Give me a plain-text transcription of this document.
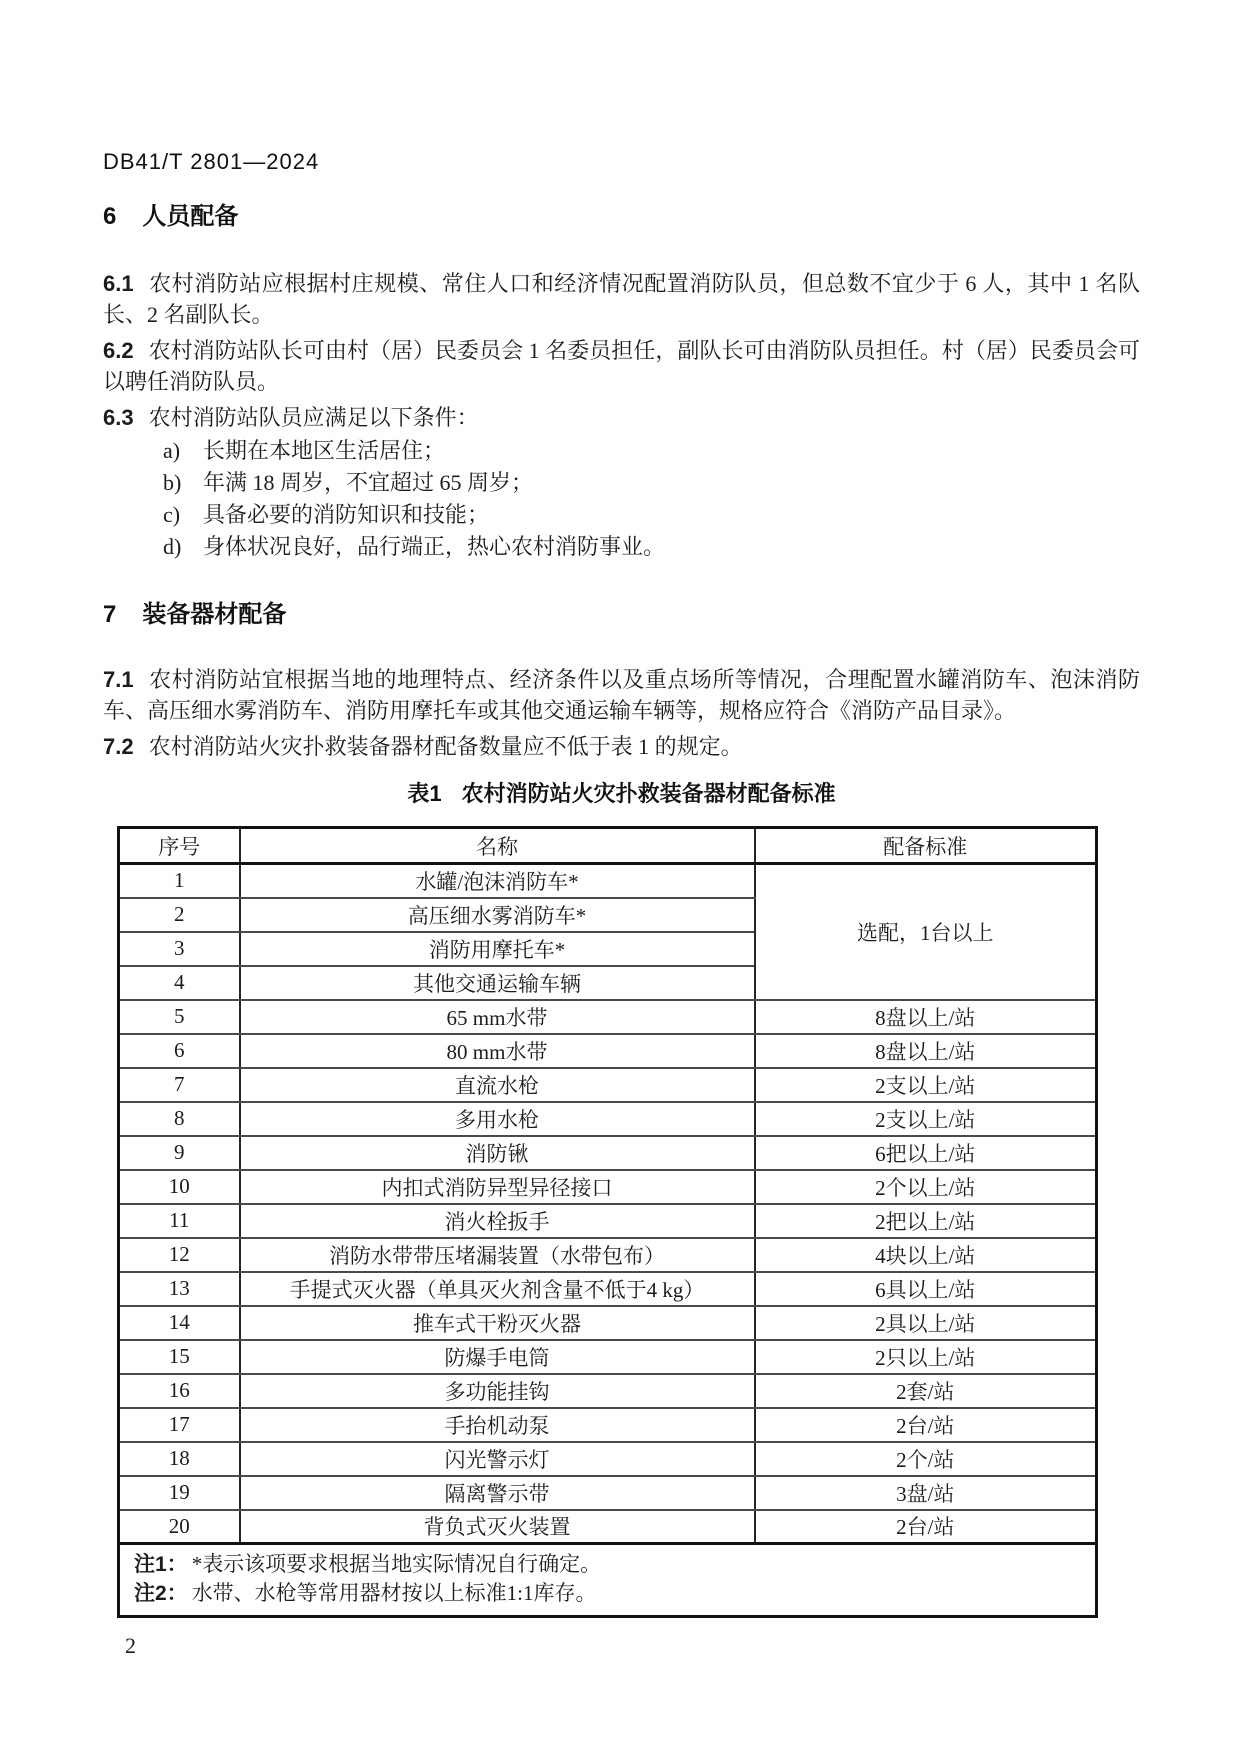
DB41/T 2801—2024
6 人员配备

6.1 农村消防站应根据村庄规模、常住人口和经济情况配置消防队员，但总数不宜少于 6 人，其中 1 名队长、2 名副队长。

6.2 农村消防站队长可由村（居）民委员会 1 名委员担任，副队长可由消防队员担任。村（居）民委员会可以聘任消防队员。

6.3 农村消防站队员应满足以下条件：

a) 长期在本地区生活居住；
b) 年满 18 周岁，不宜超过 65 周岁；
c) 具备必要的消防知识和技能；
d) 身体状况良好，品行端正，热心农村消防事业。
7 装备器材配备

7.1 农村消防站宜根据当地的地理特点、经济条件以及重点场所等情况，合理配置水罐消防车、泡沫消防车、高压细水雾消防车、消防用摩托车或其他交通运输车辆等，规格应符合《消防产品目录》。

7.2 农村消防站火灾扑救装备器材配备数量应不低于表 1 的规定。

表1 农村消防站火灾扑救装备器材配备标准
序号	名称	配备标准
1	水罐/泡沫消防车*	选配，1台以上
2	高压细水雾消防车*	
3	消防用摩托车*	
4	其他交通运输车辆	
5	65 mm水带	8盘以上/站
6	80 mm水带	8盘以上/站
7	直流水枪	2支以上/站
8	多用水枪	2支以上/站
9	消防锹	6把以上/站
10	内扣式消防异型异径接口	2个以上/站
11	消火栓扳手	2把以上/站
12	消防水带带压堵漏装置（水带包布）	4块以上/站
13	手提式灭火器（单具灭火剂含量不低于4 kg）	6具以上/站
14	推车式干粉灭火器	2具以上/站
15	防爆手电筒	2只以上/站
16	多功能挂钩	2套/站
17	手抬机动泵	2台/站
18	闪光警示灯	2个/站
19	隔离警示带	3盘/站
20	背负式灭火装置	2台/站

注1： *表示该项要求根据当地实际情况自行确定。
注2： 水带、水枪等常用器材按以上标准1:1库存。		
2
